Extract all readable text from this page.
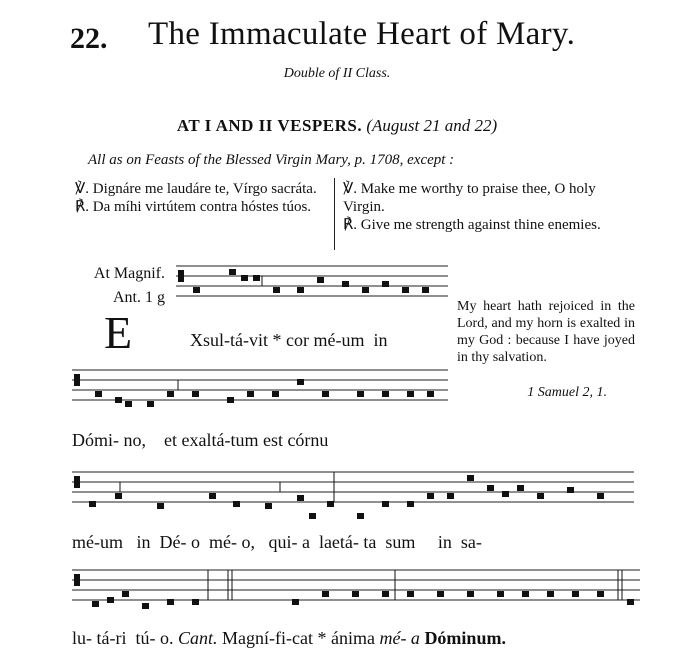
22. The Immaculate Heart of Mary.
Double of II Class.
AT I AND II VESPERS. (August 21 and 22)
All as on Feasts of the Blessed Virgin Mary, p. 1708, except :
℣. Dignáre me laudáre te, Vírgo sacráta.
℟. Da míhi virtútem contra hóstes túos.
℣. Make me worthy to praise thee, O holy Virgin.
℟. Give me strength against thine enemies.
At Magnif.
Ant. 1 g
E
My heart hath rejoiced in the Lord, and my horn is exalted in my God : because I have joyed in thy salvation.
1 Samuel 2, 1.
Xsul-tá-vit * cor mé-um  in
Dómi- no,    et exaltá-tum est córnu
mé-um   in  Dé- o  mé- o,   qui- a  laetá- ta  sum     in  sa-
lu- tá-ri  tú- o. Cant. Magní-fi-cat * ánima mé- a Dóminum.
